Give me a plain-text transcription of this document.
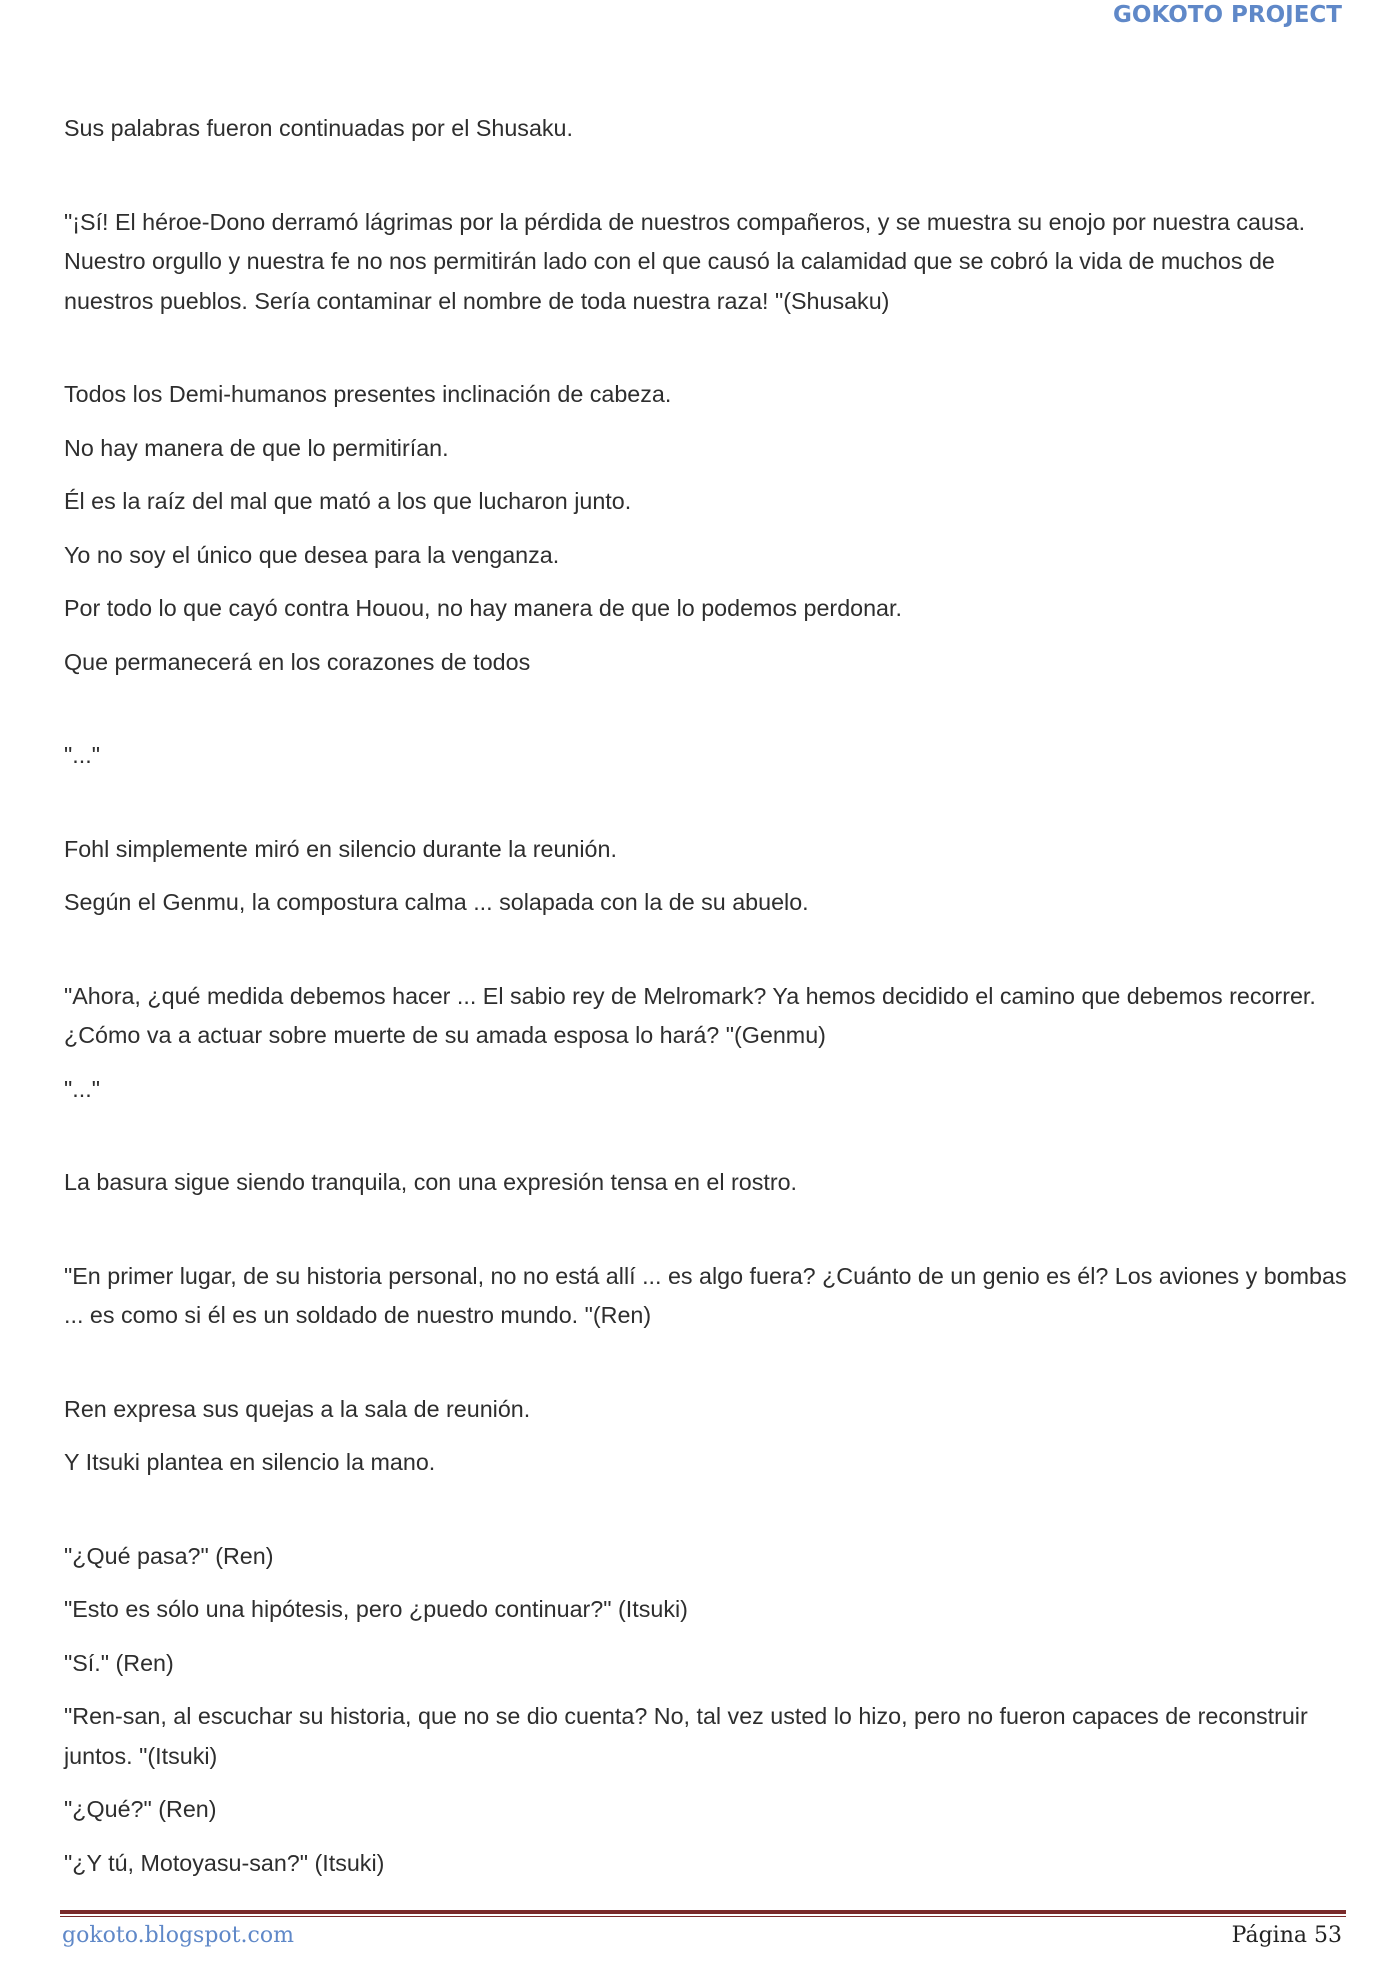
GOKOTO PROJECT

Sus palabras fueron continuadas por el Shusaku.

"¡Sí! El héroe-Dono derramó lágrimas por la pérdida de nuestros compañeros, y se muestra su enojo por nuestra causa. Nuestro orgullo y nuestra fe no nos permitirán lado con el que causó la calamidad que se cobró la vida de muchos de nuestros pueblos. Sería contaminar el nombre de toda nuestra raza! "(Shusaku)

Todos los Demi-humanos presentes inclinación de cabeza.

No hay manera de que lo permitirían.

Él es la raíz del mal que mató a los que lucharon junto.

Yo no soy el único que desea para la venganza.

Por todo lo que cayó contra Houou, no hay manera de que lo podemos perdonar.

Que permanecerá en los corazones de todos

"..."

Fohl simplemente miró en silencio durante la reunión.

Según el Genmu, la compostura calma ... solapada con la de su abuelo.

"Ahora, ¿qué medida debemos hacer ... El sabio rey de Melromark? Ya hemos decidido el camino que debemos recorrer. ¿Cómo va a actuar sobre muerte de su amada esposa lo hará? "(Genmu)

"..."

La basura sigue siendo tranquila, con una expresión tensa en el rostro.

"En primer lugar, de su historia personal, no no está allí ... es algo fuera? ¿Cuánto de un genio es él? Los aviones y bombas ... es como si él es un soldado de nuestro mundo. "(Ren)

Ren expresa sus quejas a la sala de reunión.

Y Itsuki plantea en silencio la mano.

"¿Qué pasa?" (Ren)

"Esto es sólo una hipótesis, pero ¿puedo continuar?" (Itsuki)

"Sí." (Ren)

"Ren-san, al escuchar su historia, que no se dio cuenta? No, tal vez usted lo hizo, pero no fueron capaces de reconstruir juntos. "(Itsuki)

"¿Qué?" (Ren)

"¿Y tú, Motoyasu-san?" (Itsuki)

gokoto.blogspot.com	Página 53
